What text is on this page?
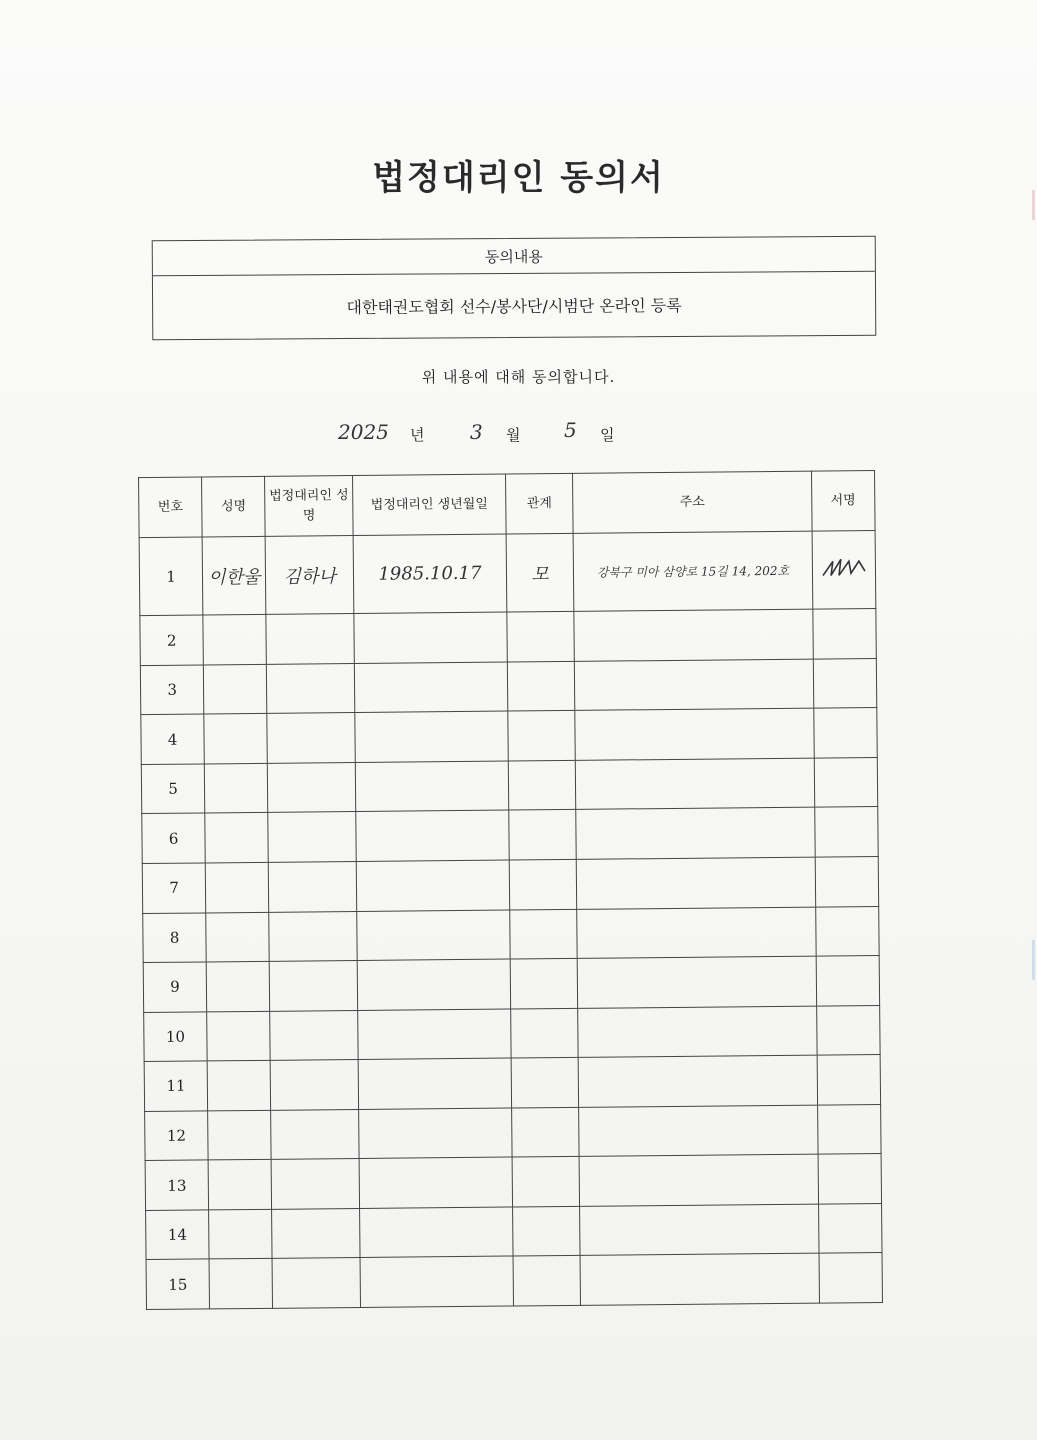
법정대리인 동의서
동의내용
대한태권도협회 선수/봉사단/시범단 온라인 등록
위 내용에 대해 동의합니다.
2025 년 3 월 5 일
번호	성명	법정대리인 성명	법정대리인 생년월일	관계	주소	서명
1	이한울	김하나	1985.10.17	모	강북구 미아 삼양로 15길 14, 202호	
2						
3						
4						
5						
6						
7						
8						
9						
10						
11						
12						
13						
14						
15						
